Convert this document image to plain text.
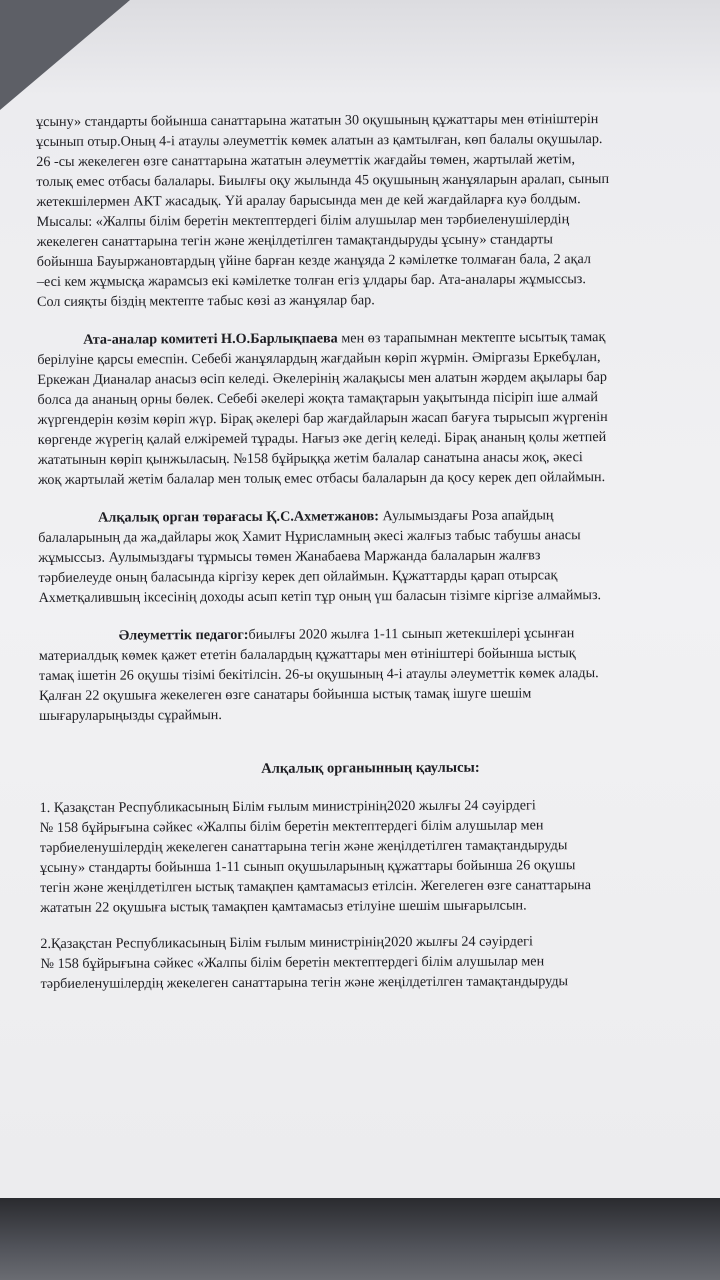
ұсыну» стандарты бойынша санаттарына жататын 30 оқушының құжаттары мен өтініштерін

ұсынып отыр.Оның 4-і атаулы әлеуметтік көмек алатын аз қамтылған, көп балалы оқушылар.

26 -сы жекелеген өзге санаттарына жататын әлеуметтік жағдайы төмен, жартылай жетім,

толық емес отбасы балалары. Биылғы оқу жылында 45 оқушының жанұяларын аралап, сынып

жетекшілермен АКТ жасадық. Үй аралау барысында мен де кей жағдайларға куә болдым.

Мысалы: «Жалпы білім беретін мектептердегі білім алушылар мен тәрбиеленушілердің

жекелеген санаттарына тегін және жеңілдетілген тамақтандыруды ұсыну» стандарты

бойынша Бауыржановтардың үйіне барған кезде жанұяда 2 кәмілетке толмаған бала, 2 ақал

–есі кем жұмысқа жарамсыз екі кәмілетке толған егіз ұлдары бар. Ата-аналары жұмыссыз.

Сол сияқты біздің мектепте табыс көзі аз жанұялар бар.

Ата-аналар комитеті Н.О.Барлықпаева мен өз тарапымнан мектепте ысытық тамақ

берілуіне қарсы емеспін. Себебі жанұялардың жағдайын көріп жүрмін. Әміргазы Еркебұлан,

Еркежан Дианалар анасыз өсіп келеді. Әкелерінің жалақысы мен алатын жәрдем ақылары бар

болса да ананың орны бөлек. Себебі әкелері жоқта тамақтарын уақытында пісіріп іше алмай

жүргендерін көзім көріп жүр. Бірақ әкелері бар жағдайларын жасап бағуға тырысып жүргенін

көргенде жүрегің қалай елжіремей тұрады. Нағыз әке дегің келеді. Бірақ ананың қолы жетпей

жататынын көріп қынжыласың. №158 бұйрыққа жетім балалар санатына анасы жоқ, әкесі

жоқ жартылай жетім балалар мен толық емес отбасы балаларын да қосу керек деп ойлаймын.

Алқалық орган төрағасы Қ.С.Ахметжанов: Аулымыздағы Роза апайдың

балаларының да жа,дайлары жоқ Хамит Нұрисламның әкесі жалғыз табыс табушы анасы

жұмыссыз. Аулымыздағы тұрмысы төмен Жанабаева Маржанда балаларын жалғвз

тәрбиелеуде оның баласында кіргізу керек деп ойлаймын. Құжаттарды қарап отырсақ

Ахметқалившың іксесінің доходы асып кетіп тұр оның үш баласын тізімге кіргізе алмаймыз.

Әлеуметтік педагог:биылғы 2020 жылға 1-11 сынып жетекшілері ұсынған

материалдық көмек қажет ететін балалардың құжаттары мен өтініштері бойынша ыстық

тамақ ішетін 26 оқушы тізімі бекітілсін. 26-ы оқушының 4-і атаулы әлеуметтік көмек алады.

Қалған 22 оқушыға жекелеген өзге санатары бойынша ыстық тамақ ішуге шешім

шығаруларыңызды сұраймын.

Алқалық органынның қаулысы:

1. Қазақстан Республикасының Білім ғылым министрінің2020 жылғы 24 сәуірдегі

№ 158 бұйрығына сәйкес «Жалпы білім беретін мектептердегі білім алушылар мен

тәрбиеленушілердің жекелеген санаттарына тегін және жеңілдетілген тамақтандыруды

ұсыну» стандарты бойынша 1-11 сынып оқушыларының құжаттары бойынша 26 оқушы

тегін және жеңілдетілген ыстық тамақпен қамтамасыз етілсін. Жегелеген өзге санаттарына

жататын 22 оқушығa ыстық тамақпен қамтамасыз етілуіне шешім шығарылсын.

2.Қазақстан Республикасының Білім ғылым министрінің2020 жылғы 24 сәуірдегі

№ 158 бұйрығына сәйкес «Жалпы білім беретін мектептердегі білім алушылар мен

тәрбиеленушілердің жекелеген санаттарына тегін және жеңілдетілген тамақтандыруды
